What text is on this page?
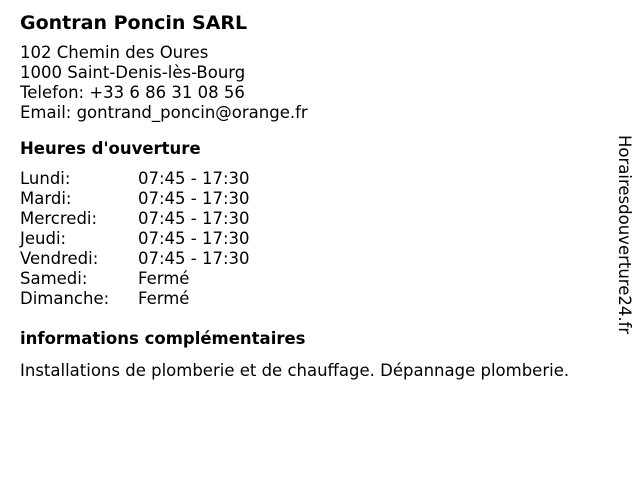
Gontran Poncin SARL
102 Chemin des Oures
1000 Saint-Denis-lès-Bourg
Telefon: +33 6 86 31 08 56
Email: gontrand_poncin@orange.fr
Heures d'ouverture
Lundi:	07:45 - 17:30
Mardi:	07:45 - 17:30
Mercredi:	07:45 - 17:30
Jeudi:	07:45 - 17:30
Vendredi:	07:45 - 17:30
Samedi:	Fermé
Dimanche:	Fermé
informations complémentaires
Installations de plomberie et de chauffage. Dépannage plomberie.
Horairesdouverture24.fr
